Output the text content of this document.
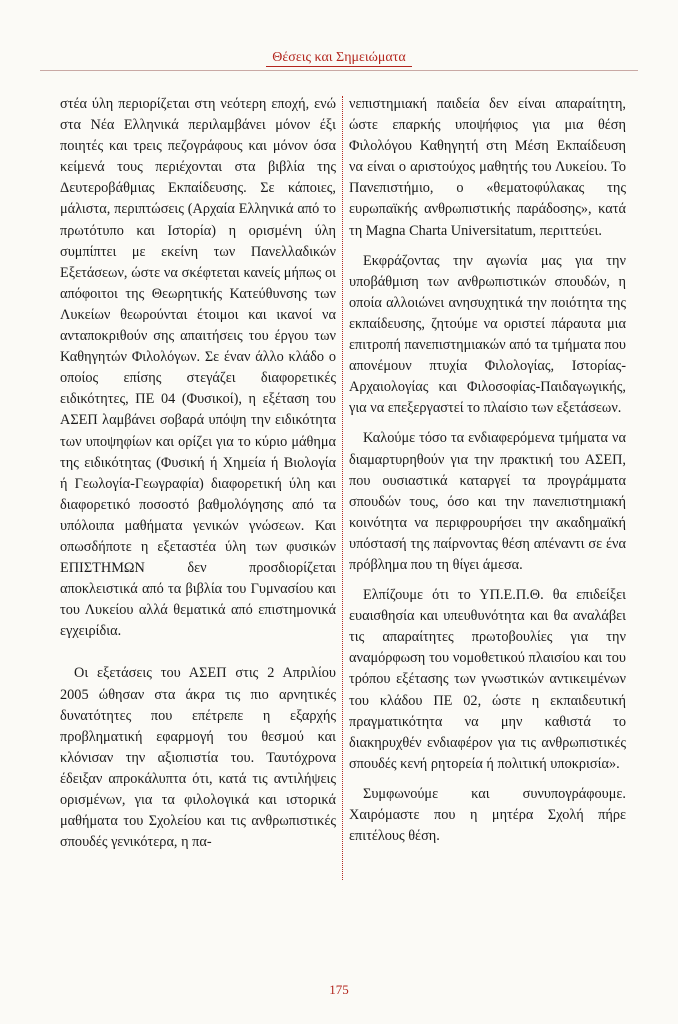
Θέσεις και Σημειώματα

στέα ύλη περιορίζεται στη νεότερη εποχή, ενώ στα Νέα Ελληνικά περιλαμβάνει μόνον έξι ποιητές και τρεις πεζογράφους και μόνον όσα κείμενά τους περιέχονται στα βιβλία της Δευτεροβάθμιας Εκπαίδευσης. Σε κάποιες, μάλιστα, περιπτώσεις (Αρχαία Ελληνικά από το πρωτότυπο και Ιστορία) η ορισμένη ύλη συμπίπτει με εκείνη των Πανελλαδικών Εξετάσεων, ώστε να σκέφτεται κανείς μήπως οι απόφοιτοι της Θεωρητικής Κατεύθυνσης των Λυκείων θεωρούνται έτοιμοι και ικανοί να ανταποκριθούν σης απαιτήσεις του έργου των Καθηγητών Φιλολόγων. Σε έναν άλλο κλάδο ο οποίος επίσης στεγάζει διαφορετικές ειδικότητες, ΠΕ 04 (Φυσικοί), η εξέταση του ΑΣΕΠ λαμβάνει σοβαρά υπόψη την ειδικότητα των υποψηφίων και ορίζει για το κύριο μάθημα της ειδικότητας (Φυσική ή Χημεία ή Βιολογία ή Γεωλογία-Γεωγραφία) διαφορετική ύλη και διαφορετικό ποσοστό βαθμολόγησης από τα υπόλοιπα μαθήματα γενικών γνώσεων. Και οπωσδήποτε η εξεταστέα ύλη των φυσικών ΕΠΙΣΤΗΜΩΝ δεν προσδιορίζεται αποκλειστικά από τα βιβλία του Γυμνασίου και του Λυκείου αλλά θεματικά από επιστημονικά εγχειρίδια.

Οι εξετάσεις του ΑΣΕΠ στις 2 Απριλίου 2005 ώθησαν στα άκρα τις πιο αρνητικές δυνατότητες που επέτρεπε η εξαρχής προβληματική εφαρμογή του θεσμού και κλόνισαν την αξιοπιστία του. Ταυτόχρονα έδειξαν απροκάλυπτα ότι, κατά τις αντιλήψεις ορισμένων, για τα φιλολογικά και ιστορικά μαθήματα του Σχολείου και τις ανθρωπιστικές σπουδές γενικότερα, η πα-

νεπιστημιακή παιδεία δεν είναι απαραίτητη, ώστε επαρκής υποψήφιος για μια θέση Φιλολόγου Καθηγητή στη Μέση Εκπαίδευση να είναι ο αριστούχος μαθητής του Λυκείου. Το Πανεπιστήμιο, ο «θεματοφύλακας της ευρωπαϊκής ανθρωπιστικής παράδοσης», κατά τη Magna Charta Universitatum, περιττεύει.

Εκφράζοντας την αγωνία μας για την υποβάθμιση των ανθρωπιστικών σπουδών, η οποία αλλοιώνει ανησυχητικά την ποιότητα της εκπαίδευσης, ζητούμε να οριστεί πάραυτα μια επιτροπή πανεπιστημιακών από τα τμήματα που απονέμουν πτυχία Φιλολογίας, Ιστορίας-Αρχαιολογίας και Φιλοσοφίας-Παιδαγωγικής, για να επεξεργαστεί το πλαίσιο των εξετάσεων.

Καλούμε τόσο τα ενδιαφερόμενα τμήματα να διαμαρτυρηθούν για την πρακτική του ΑΣΕΠ, που ουσιαστικά καταργεί τα προγράμματα σπουδών τους, όσο και την πανεπιστημιακή κοινότητα να περιφρουρήσει την ακαδημαϊκή υπόστασή της παίρνοντας θέση απέναντι σε ένα πρόβλημα που τη θίγει άμεσα.

Ελπίζουμε ότι το ΥΠ.Ε.Π.Θ. θα επιδείξει ευαισθησία και υπευθυνότητα και θα αναλάβει τις απαραίτητες πρωτοβουλίες για την αναμόρφωση του νομοθετικού πλαισίου και του τρόπου εξέτασης των γνωστικών αντικειμένων του κλάδου ΠΕ 02, ώστε η εκπαιδευτική πραγματικότητα να μην καθιστά το διακηρυχθέν ενδιαφέρον για τις ανθρωπιστικές σπουδές κενή ρητορεία ή πολιτική υποκρισία».

Συμφωνούμε και συνυπογράφουμε. Χαιρόμαστε που η μητέρα Σχολή πήρε επιτέλους θέση.

175
